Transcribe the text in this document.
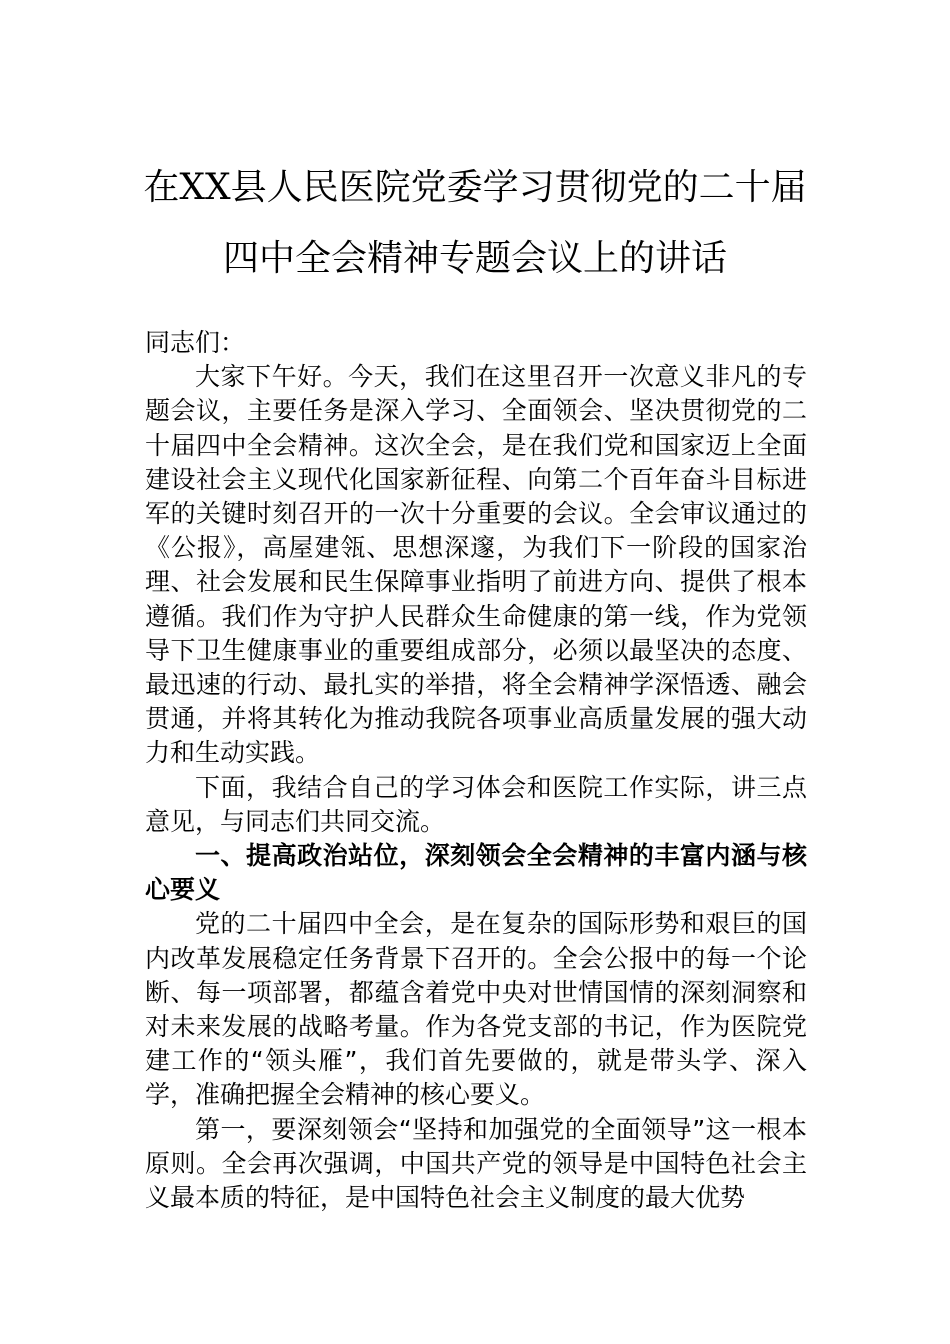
在XX县人民医院党委学习贯彻党的二十届
四中全会精神专题会议上的讲话

同志们：

大家下午好。今天，我们在这里召开一次意义非凡的专题会议，主要任务是深入学习、全面领会、坚决贯彻党的二十届四中全会精神。这次全会，是在我们党和国家迈上全面建设社会主义现代化国家新征程、向第二个百年奋斗目标进军的关键时刻召开的一次十分重要的会议。全会审议通过的《公报》，高屋建瓴、思想深邃，为我们下一阶段的国家治理、社会发展和民生保障事业指明了前进方向、提供了根本遵循。我们作为守护人民群众生命健康的第一线，作为党领导下卫生健康事业的重要组成部分，必须以最坚决的态度、最迅速的行动、最扎实的举措，将全会精神学深悟透、融会贯通，并将其转化为推动我院各项事业高质量发展的强大动力和生动实践。

下面，我结合自己的学习体会和医院工作实际，讲三点意见，与同志们共同交流。

一、提高政治站位，深刻领会全会精神的丰富内涵与核心要义

党的二十届四中全会，是在复杂的国际形势和艰巨的国内改革发展稳定任务背景下召开的。全会公报中的每一个论断、每一项部署，都蕴含着党中央对世情国情的深刻洞察和对未来发展的战略考量。作为各党支部的书记，作为医院党建工作的“领头雁”，我们首先要做的，就是带头学、深入学，准确把握全会精神的核心要义。

第一，要深刻领会“坚持和加强党的全面领导”这一根本原则。全会再次强调，中国共产党的领导是中国特色社会主义最本质的特征，是中国特色社会主义制度的最大优势
